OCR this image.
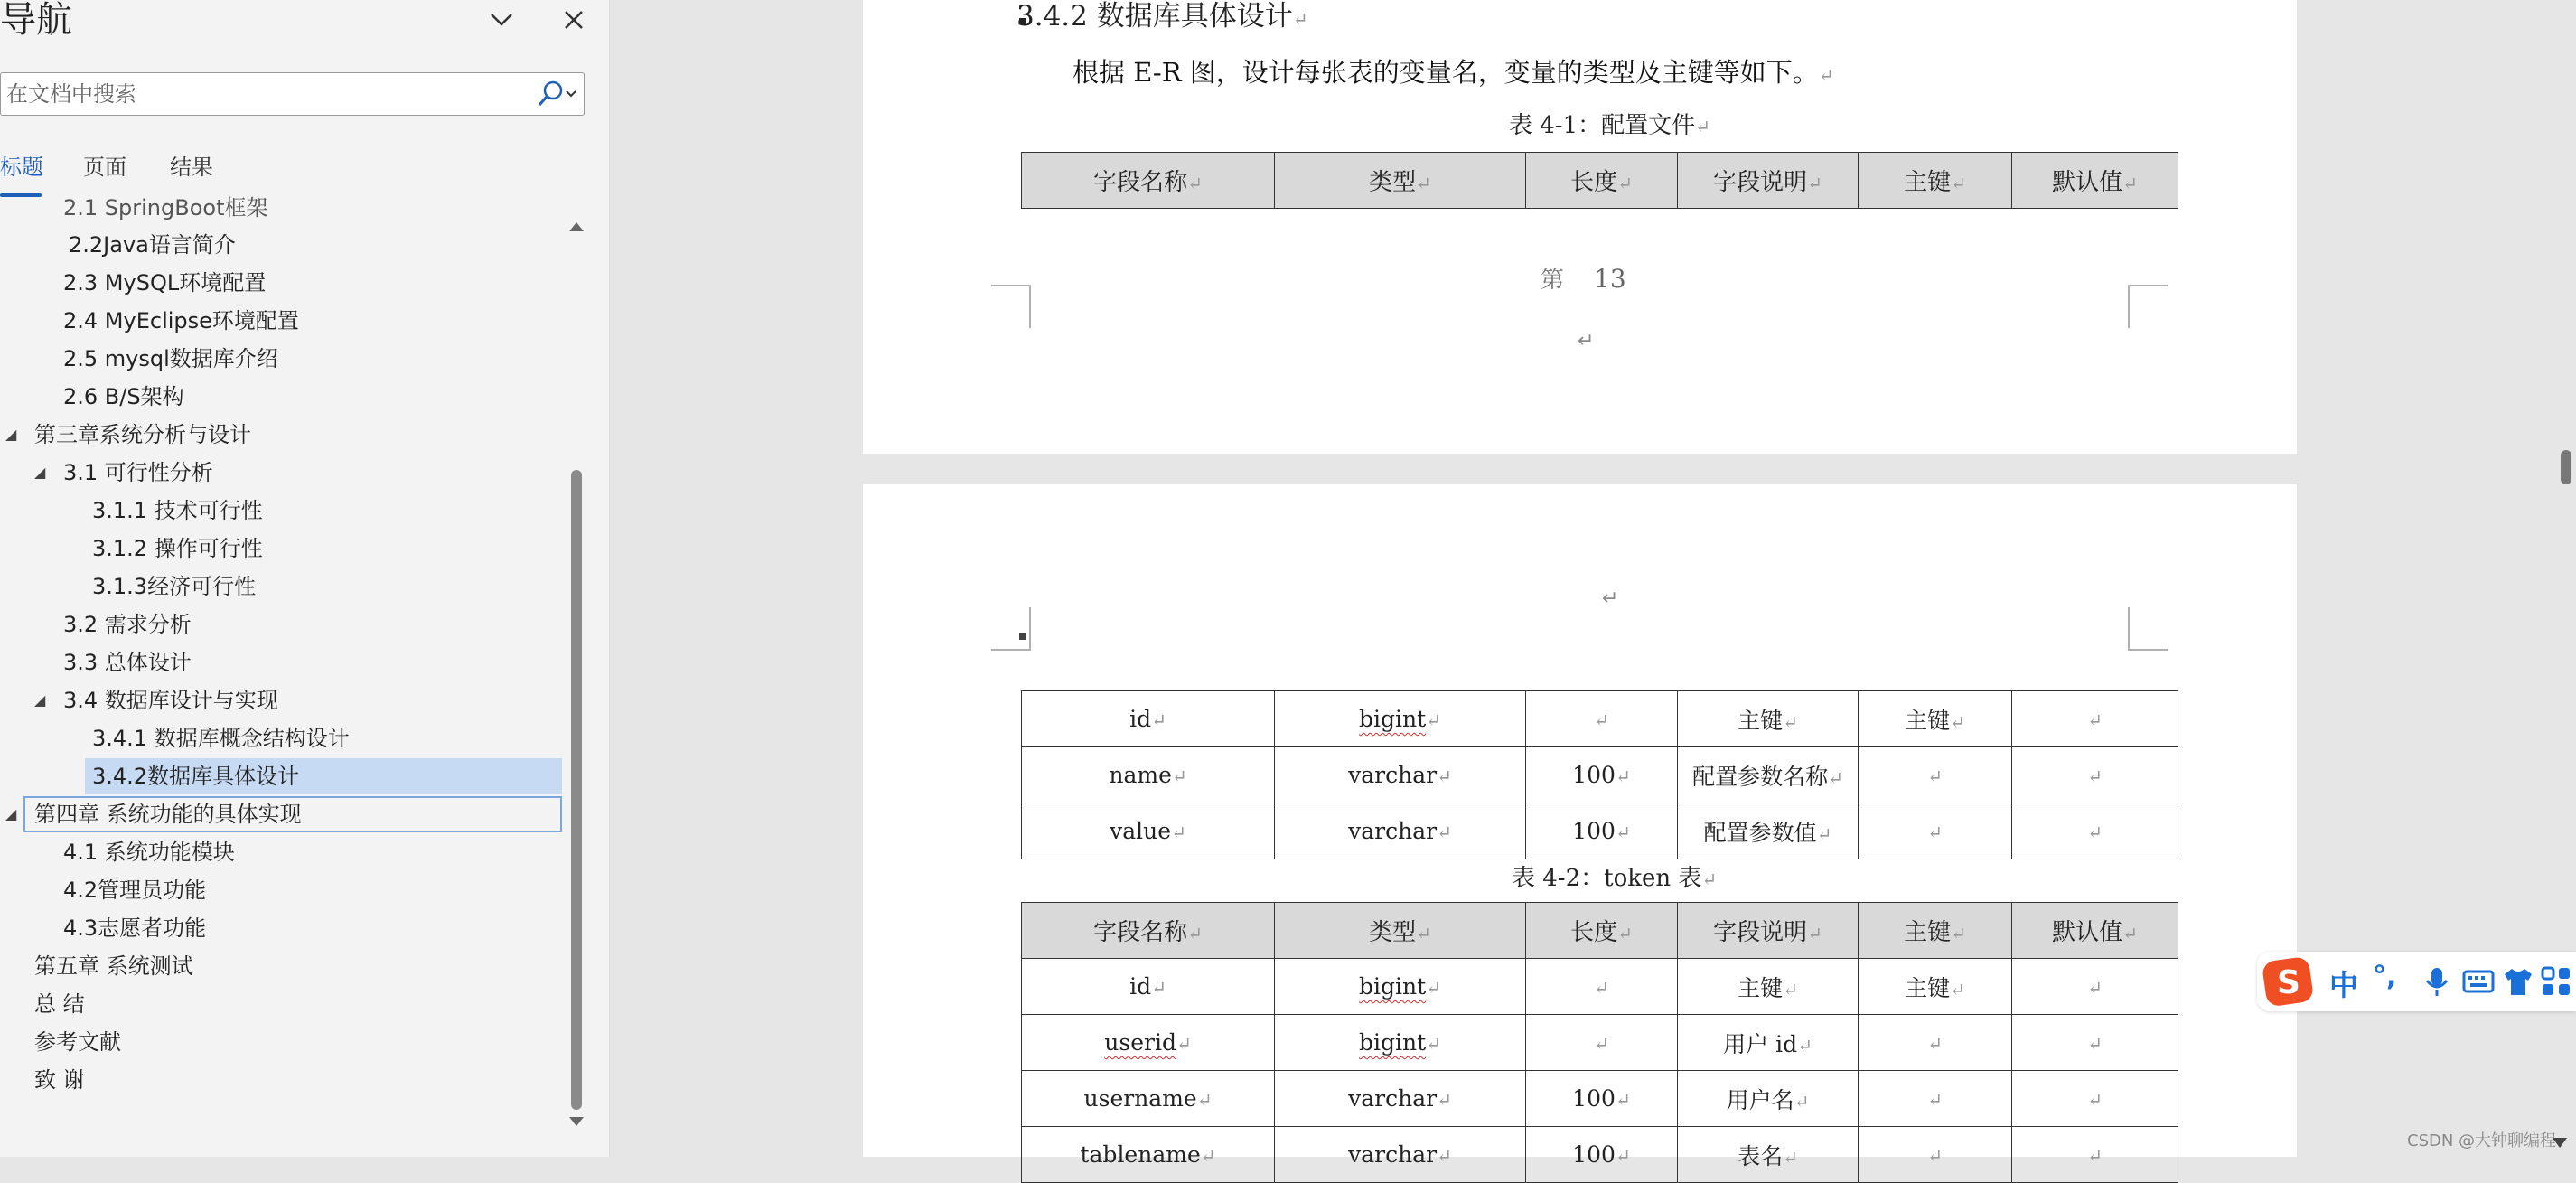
导航
在文档中搜索
标题 页面 结果
2.1 SpringBoot框架
2.2Java语言简介
2.3 MySQL环境配置
2.4 MyEclipse环境配置
2.5 mysql数据库介绍
2.6 B/S架构
◢ 第三章系统分析与设计
◢ 3.1 可行性分析
3.1.1 技术可行性
3.1.2 操作可行性
3.1.3经济可行性
3.2 需求分析
3.3 总体设计
◢ 3.4 数据库设计与实现
3.4.1 数据库概念结构设计
3.4.2数据库具体设计
第四章 系统功能的具体实现
◢
4.1 系统功能模块
4.2管理员功能
4.3志愿者功能
第五章 系统测试
总 结
参考文献
致 谢
3.4.2 数据库具体设计↵
根据 E-R 图，设计每张表的变量名，变量的类型及主键等如下。↵
表 4-1：配置文件↵
字段名称↵	类型↵	长度↵	字段说明↵	主键↵	默认值↵
第 13
↵
↵
id↵	bigint↵	↵	主键↵	主键↵	↵
name↵	varchar↵	100↵	配置参数名称↵	↵	↵
value↵	varchar↵	100↵	配置参数值↵	↵	↵
表 4-2：token 表↵
字段名称↵	类型↵	长度↵	字段说明↵	主键↵	默认值↵
id↵	bigint↵	↵	主键↵	主键↵	↵
userid↵	bigint↵	↵	用户 id↵	↵	↵
username↵	varchar↵	100↵	用户名↵	↵	↵
tablename↵	varchar↵	100↵	表名↵	↵	↵
S 中 °,
CSDN @大钟聊编程
